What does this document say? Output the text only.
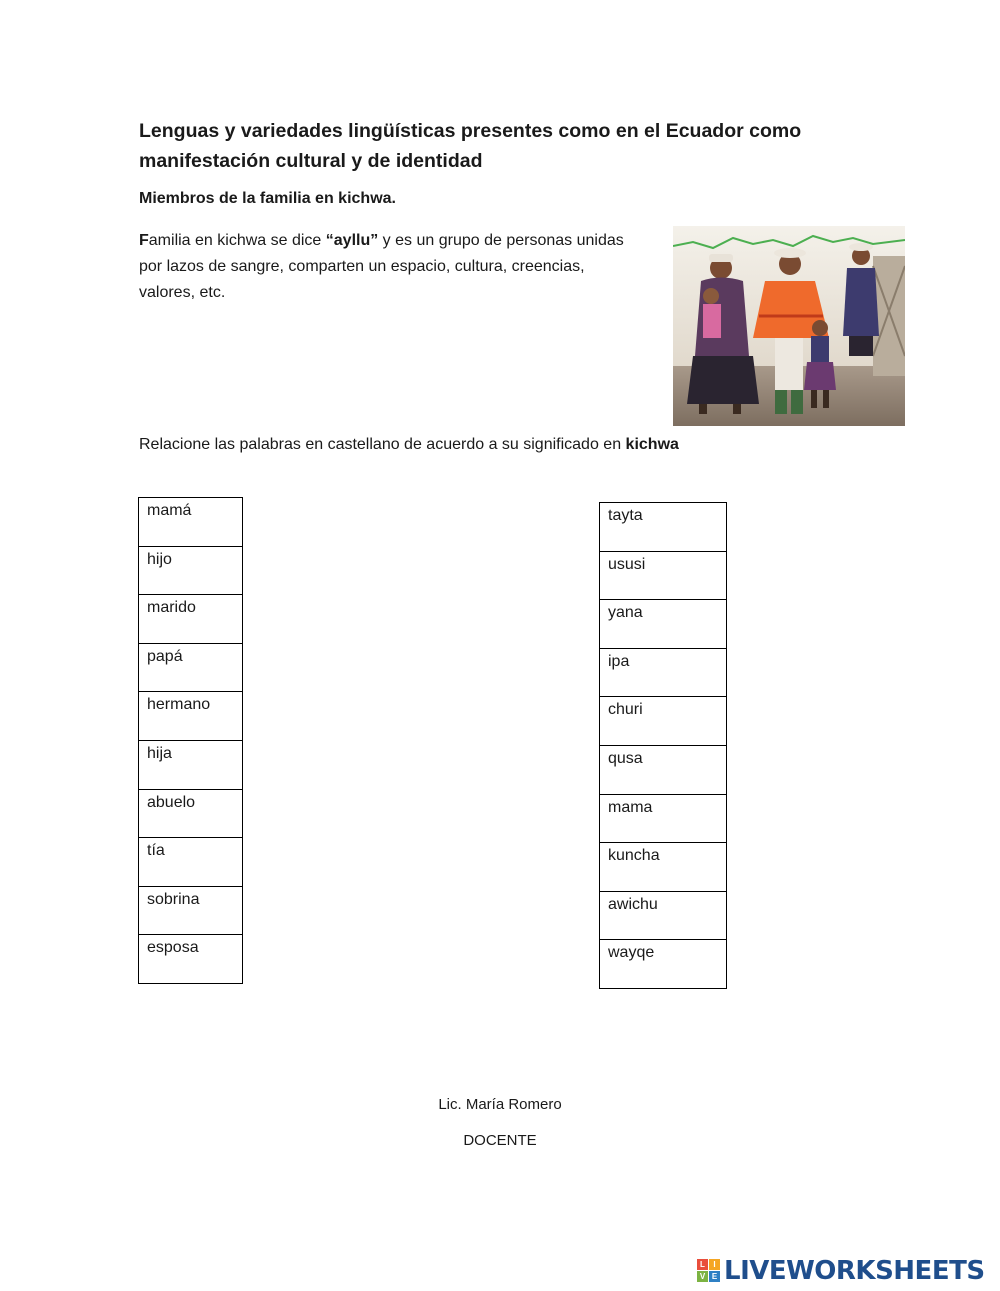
Lenguas y variedades lingüísticas presentes como en el Ecuador como manifestación cultural y de identidad
Miembros de la familia en kichwa.

Familia en kichwa se dice “ayllu” y es un grupo de personas unidas por lazos de sangre, comparten un espacio, cultura, creencias, valores, etc.

Relacione las palabras en castellano de acuerdo a su significado en kichwa

mamá
hijo
marido
papá
hermano
hija
abuelo
tía
sobrina
esposa
tayta
ususi
yana
ipa
churi
qusa
mama
kuncha
awichu
wayqe

Lic. María Romero

DOCENTE

L	I
V E LIVEWORKSHEETS
